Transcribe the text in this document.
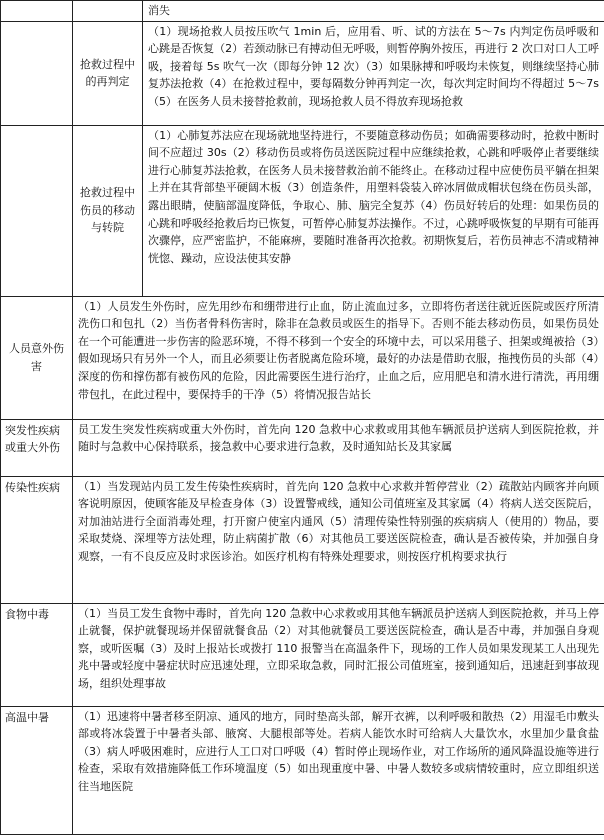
		消失
	抢救过程中的再判定	（1）现场抢救人员按压吹气 1min 后，应用看、听、试的方法在 5～7s 内判定伤员呼吸和心跳是否恢复（2）若颈动脉已有搏动但无呼吸，则暂停胸外按压，再进行 2 次口对口人工呼吸，接着每 5s 吹气一次（即每分钟 12 次）（3）如果脉搏和呼吸均未恢复，则继续坚持心肺复苏法抢救（4）在抢救过程中，要每隔数分钟再判定一次，每次判定时间均不得超过 5～7s（5）在医务人员未接替抢救前，现场抢救人员不得放弃现场抢救
	抢救过程中伤员的移动与转院	（1）心肺复苏法应在现场就地坚持进行，不要随意移动伤员；如确需要移动时，抢救中断时间不应超过 30s（2）移动伤员或将伤员送医院过程中应继续抢救，心跳和呼吸停止者要继续进行心肺复苏法抢救，在医务人员未接替救治前不能终止。在移动过程中应使伤员平躺在担架上并在其背部垫平硬阔木板（3）创造条件，用塑料袋装入碎冰屑做成帽状包绕在伤员头部，露出眼睛，使脑部温度降低，争取心、肺、脑完全复苏（4）伤员好转后的处理：如果伤员的心跳和呼吸经抢救后均已恢复，可暂停心肺复苏法操作。不过，心跳呼吸恢复的早期有可能再次骤停，应严密监护，不能麻痹，要随时准备再次抢救。初期恢复后，若伤员神志不清或精神恍惚、躁动，应设法使其安静
人员意外伤害	（1）人员发生外伤时，应先用纱布和绷带进行止血，防止流血过多，立即将伤者送往就近医院或医疗所清洗伤口和包扎（2）当伤者骨科伤害时，除非在急救员或医生的指导下。否则不能去移动伤员，如果伤员处在一个可能遭进一步伤害的险恶环境，不得不移到一个安全的环境中去，可以采用毯子、担架或绳被拾（3）假如现场只有另外一个人，而且必须要让伤者脱离危险环境，最好的办法是借助衣服，拖拽伤员的头部（4）深度的伤和撑伤都有被伤风的危险，因此需要医生进行治疗，止血之后，应用肥皂和清水进行清洗，再用绷带包扎，在此过程中，要保持手的干净（5）将情况报告站长	
突发性疾病或重大外伤	员工发生突发性疾病或重大外伤时，首先向 120 急救中心求救或用其他车辆派员护送病人到医院抢救，并随时与急救中心保持联系，接急救中心要求进行急救，及时通知站长及其家属	
传染性疾病	（1）当发现站内员工发生传染性疾病时，首先向 120 急救中心求救并暂停营业（2）疏散站内顾客并向顾客说明原因，使顾客能及早检查身体（3）设置警戒线，通知公司值班室及其家属（4）将病人送交医院后，对加油站进行全面消毒处理，打开窗户使室内通风（5）清理传染性特别强的疾病病人（使用的）物品，要采取焚烧、深埋等方法处理，防止病菌扩散（6）对其他员工要送医院检查，确认是否被传染，并加强自身观察，一有不良反应及时求医诊治。如医疗机构有特殊处理要求，则按医疗机构要求执行	
食物中毒	（1）当员工发生食物中毒时，首先向 120 急救中心求救或用其他车辆派员护送病人到医院抢救，并马上停止就餐，保护就餐现场并保留就餐食品（2）对其他就餐员工要送医院检查，确认是否中毒，并加强自身观察，或听医嘱（3）及时上报站长或拨打 110 报警当在高温条件下，现场的工作人员如果发现某工人出现先兆中暑或轻度中暑症状时应迅速处理，立即采取急救，同时汇报公司值班室，接到通知后，迅速赶到事故现场，组织处理事故	
高温中暑	（1）迅速将中暑者移至阴凉、通风的地方，同时垫高头部，解开衣裤，以利呼吸和散热（2）用湿毛巾敷头部或将冰袋置于中暑者头部、腋窝、大腿根部等处。若病人能饮水时可给病人大量饮水，水里加少量食盐（3）病人呼吸困难时，应进行人工口对口呼吸（4）暂时停止现场作业，对工作场所的通风降温设施等进行检查，采取有效措施降低工作环境温度（5）如出现重度中暑、中暑人数较多或病情较重时，应立即组织送往当地医院	
